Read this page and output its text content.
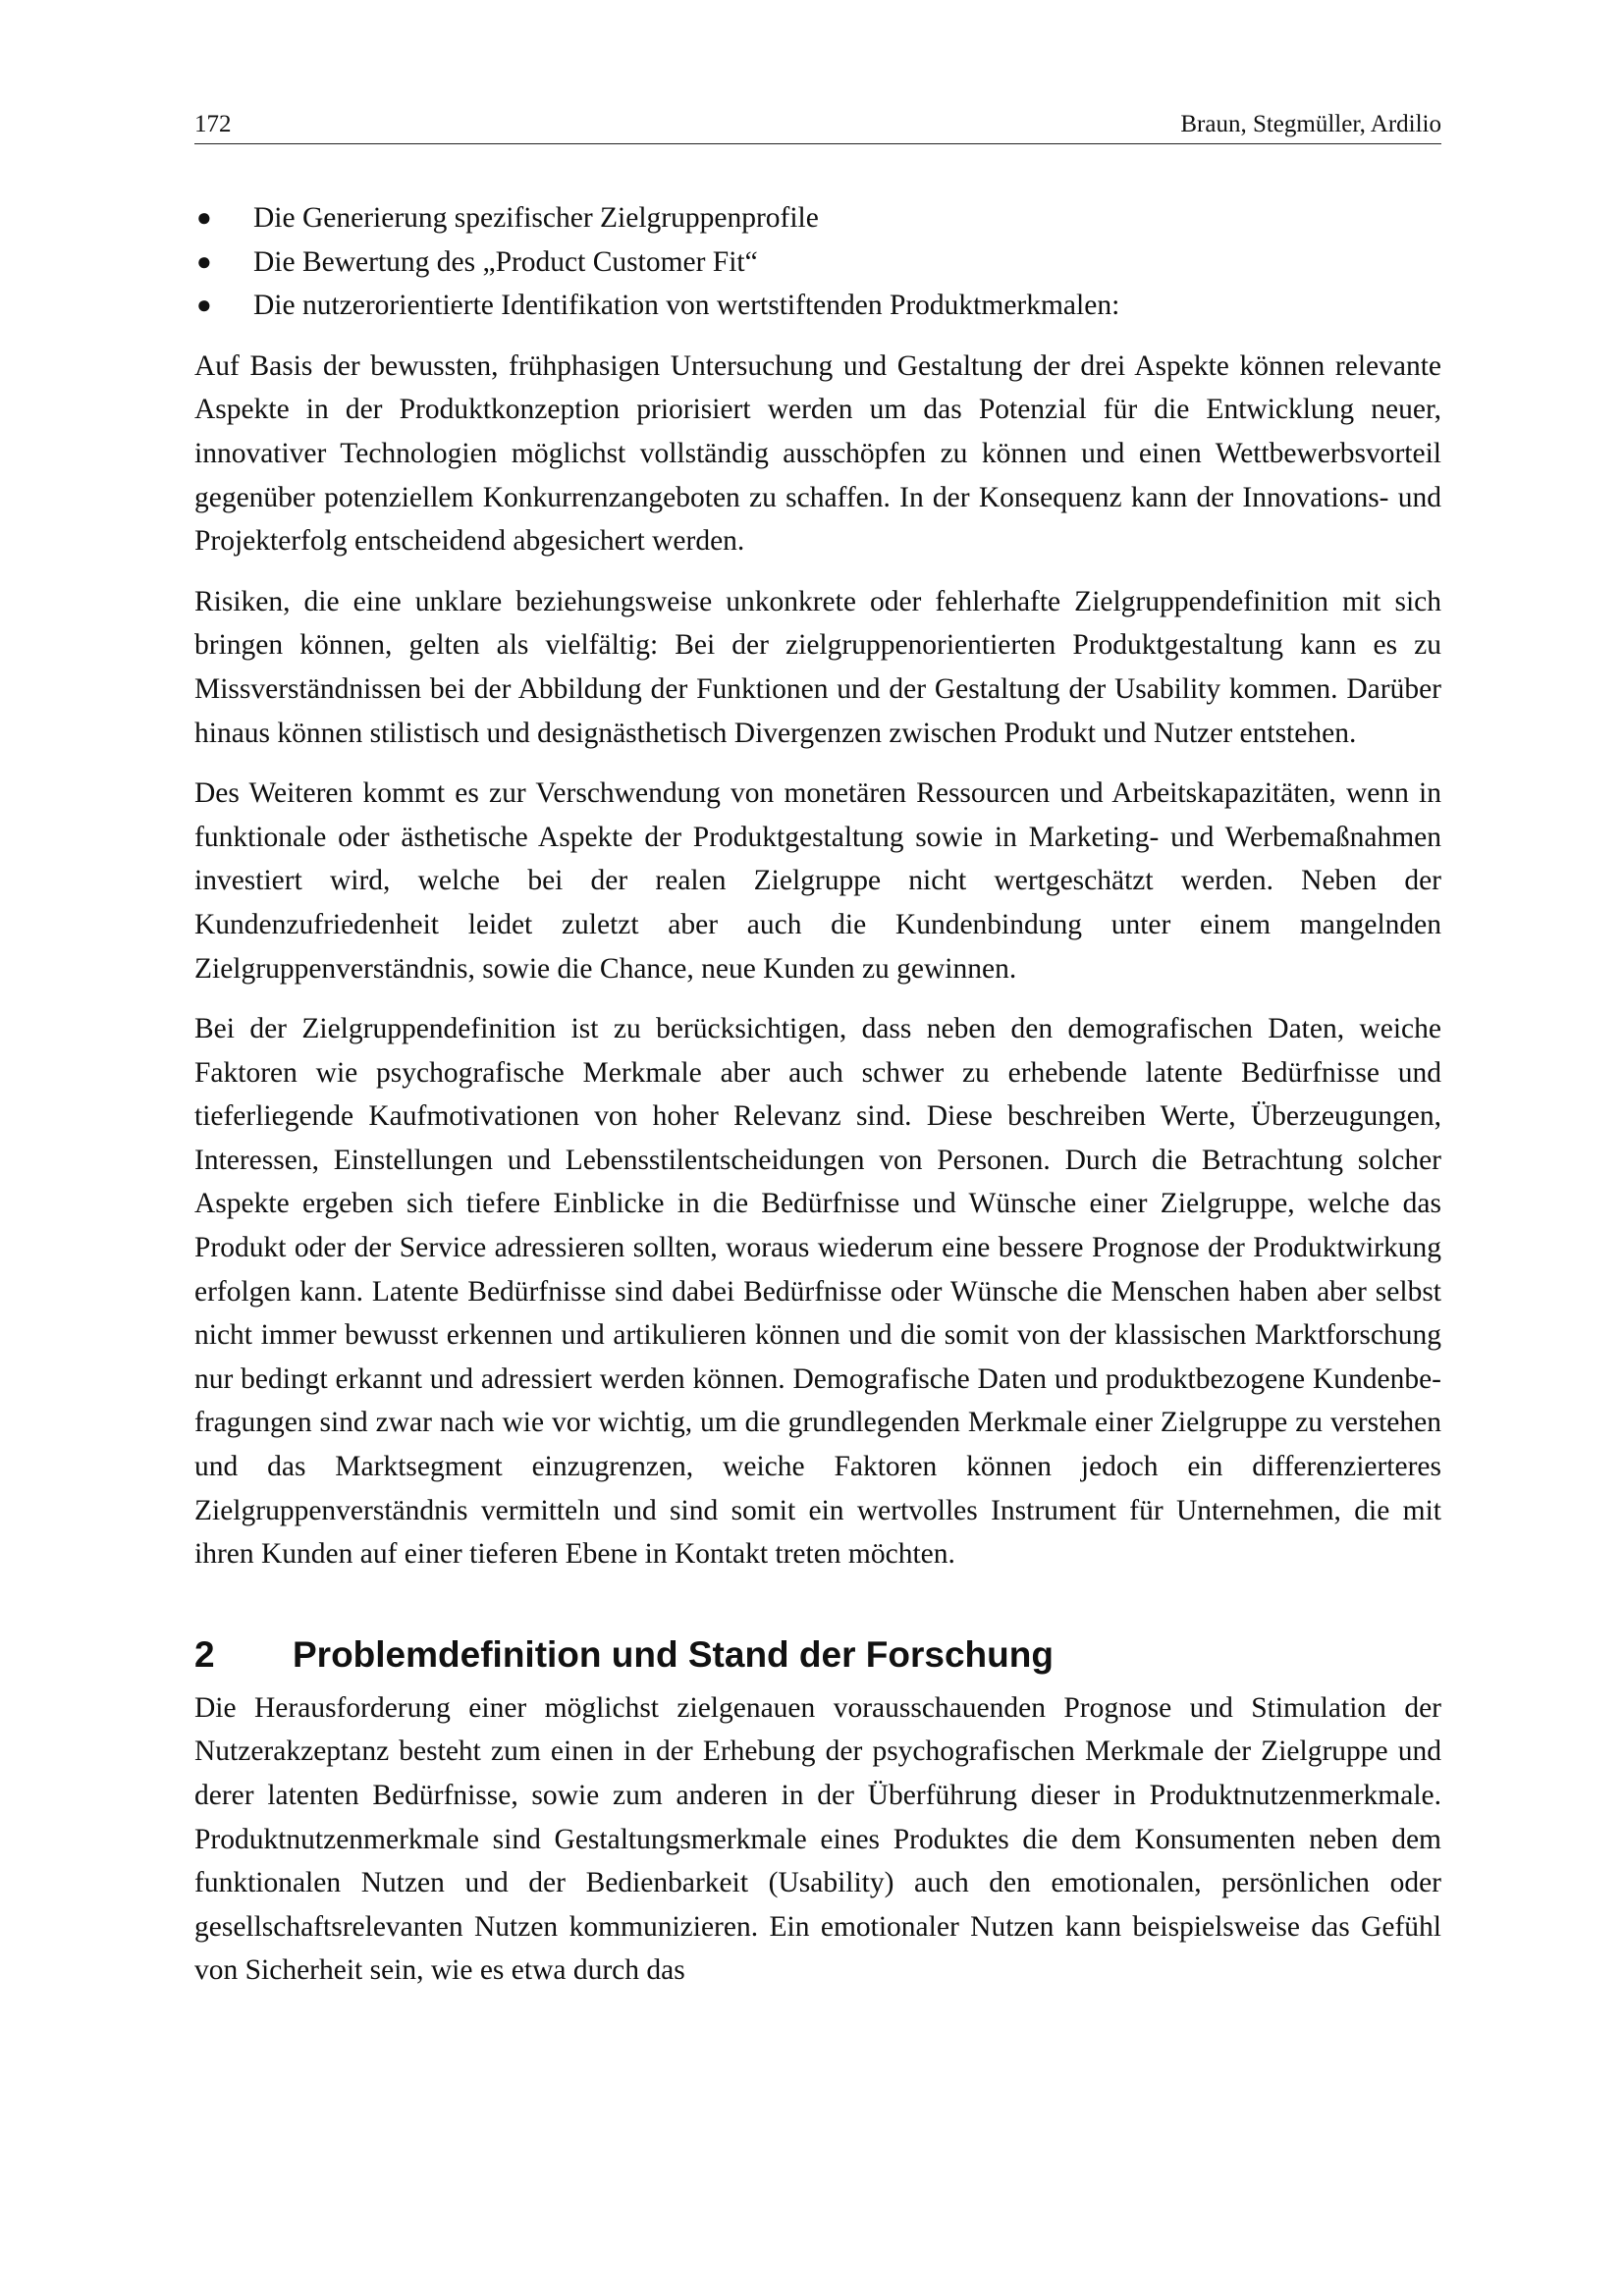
172	Braun, Stegmüller, Ardilio
● Die Generierung spezifischer Zielgruppenprofile
● Die Bewertung des „Product Customer Fit“
● Die nutzerorientierte Identifikation von wertstiftenden Produktmerkmalen:

Auf Basis der bewussten, frühphasigen Untersuchung und Gestaltung der drei Aspekte können relevante Aspekte in der Produktkonzeption priorisiert werden um das Potenzial für die Entwicklung neuer, innovativer Technologien möglichst vollständig ausschöpfen zu können und einen Wettbewerbsvorteil gegenüber potenziellem Konkurrenzangeboten zu schaffen. In der Konsequenz kann der Innovations- und Projekterfolg entscheidend abgesichert werden.

Risiken, die eine unklare beziehungsweise unkonkrete oder fehlerhafte Zielgruppendefinition mit sich bringen können, gelten als vielfältig: Bei der zielgruppenorientierten Produktgestaltung kann es zu Missverständnissen bei der Abbildung der Funktionen und der Gestaltung der Usability kommen. Darüber hinaus können stilistisch und designästhetisch Divergenzen zwischen Produkt und Nutzer entstehen.

Des Weiteren kommt es zur Verschwendung von monetären Ressourcen und Arbeitskapazitäten, wenn in funktionale oder ästhetische Aspekte der Produktgestaltung sowie in Marketing- und Werbemaßnahmen investiert wird, welche bei der realen Zielgruppe nicht wertgeschätzt werden. Neben der Kundenzufriedenheit leidet zuletzt aber auch die Kundenbindung unter einem mangelnden Zielgruppenverständnis, sowie die Chance, neue Kunden zu gewinnen.

Bei der Zielgruppendefinition ist zu berücksichtigen, dass neben den demografischen Daten, weiche Faktoren wie psychografische Merkmale aber auch schwer zu erhebende latente Bedürfnisse und tieferliegende Kaufmotivationen von hoher Relevanz sind. Diese beschreiben Werte, Überzeugungen, Interessen, Einstellungen und Lebensstilentscheidungen von Personen. Durch die Betrachtung solcher Aspekte ergeben sich tiefere Einblicke in die Bedürfnisse und Wünsche einer Zielgruppe, welche das Produkt oder der Service adressieren sollten, woraus wiederum eine bessere Prognose der Produktwirkung erfolgen kann. Latente Bedürfnisse sind dabei Bedürfnisse oder Wünsche die Menschen haben aber selbst nicht immer bewusst erkennen und artikulieren können und die somit von der klassischen Marktforschung nur bedingt erkannt und adressiert werden können. Demografische Daten und produktbezogene Kundenbefragungen sind zwar nach wie vor wichtig, um die grundlegenden Merkmale einer Zielgruppe zu verstehen und das Marktsegment einzugrenzen, weiche Faktoren können jedoch ein differenzierteres Zielgruppenverständnis vermitteln und sind somit ein wertvolles Instrument für Unternehmen, die mit ihren Kunden auf einer tieferen Ebene in Kontakt treten möchten.

2	Problemdefinition und Stand der Forschung

Die Herausforderung einer möglichst zielgenauen vorausschauenden Prognose und Stimulation der Nutzerakzeptanz besteht zum einen in der Erhebung der psychografischen Merkmale der Zielgruppe und derer latenten Bedürfnisse, sowie zum anderen in der Überführung dieser in Produktnutzenmerkmale. Produktnutzenmerkmale sind Gestaltungsmerkmale eines Produktes die dem Konsumenten neben dem funktionalen Nutzen und der Bedienbarkeit (Usability) auch den emotionalen, persönlichen oder gesellschaftsrelevanten Nutzen kommunizieren. Ein emotionaler Nutzen kann beispielsweise das Gefühl von Sicherheit sein, wie es etwa durch das
